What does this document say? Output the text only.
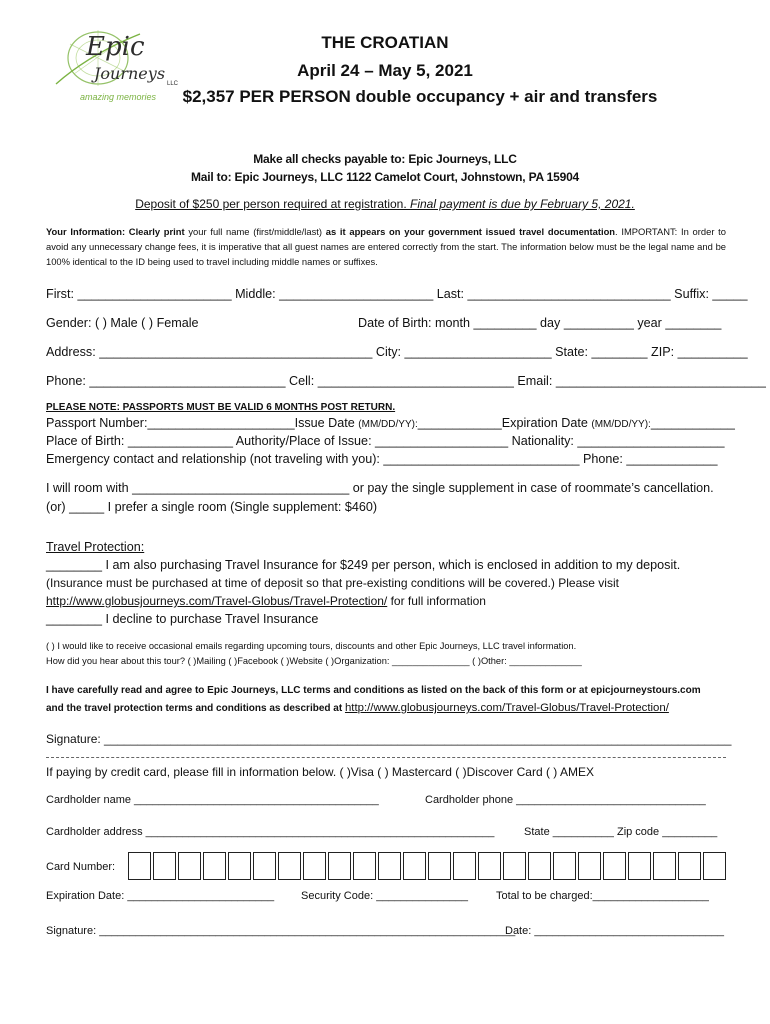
Epic
Journeys
LLC
amazing memories
THE CROATIAN
April 24 – May 5, 2021
$2,357 PER PERSON double occupancy + air and transfers
Make all checks payable to: Epic Journeys, LLC
Mail to: Epic Journeys, LLC 1122 Camelot Court, Johnstown, PA 15904
Deposit of $250 per person required at registration. Final payment is due by February 5, 2021.
Your Information: Clearly print your full name (first/middle/last) as it appears on your government issued travel documentation. IMPORTANT: In order to avoid any unnecessary change fees, it is imperative that all guest names are entered correctly from the start. The information below must be the legal name and be 100% identical to the ID being used to travel including middle names or suffixes.
First: ______________________ Middle: ______________________ Last: _____________________________ Suffix: _____
Gender: ( ) Male ( ) Female	Date of Birth: month _________ day __________ year ________
Address: _______________________________________ City: _____________________ State: ________ ZIP: __________
Phone: ____________________________ Cell: ____________________________ Email: ______________________________
PLEASE NOTE: PASSPORTS MUST BE VALID 6 MONTHS POST RETURN.
Passport Number:_____________________Issue Date (MM/DD/YY):____________Expiration Date (MM/DD/YY):____________
Place of Birth: _______________ Authority/Place of Issue: ___________________ Nationality: _____________________
Emergency contact and relationship (not traveling with you): ____________________________ Phone: _____________
I will room with _______________________________ or pay the single supplement in case of roommate’s cancellation.
(or) _____ I prefer a single room (Single supplement: $460)
Travel Protection:
________ I am also purchasing Travel Insurance for $249 per person, which is enclosed in addition to my deposit.
(Insurance must be purchased at time of deposit so that pre-existing conditions will be covered.) Please visit
http://www.globusjourneys.com/Travel-Globus/Travel-Protection/ for full information
________ I decline to purchase Travel Insurance
( ) I would like to receive occasional emails regarding upcoming tours, discounts and other Epic Journeys, LLC travel information.
How did you hear about this tour? ( )Mailing ( )Facebook ( )Website ( )Organization: _______________ ( )Other: ______________
I have carefully read and agree to Epic Journeys, LLC terms and conditions as listed on the back of this form or at epicjourneystours.com
and the travel protection terms and conditions as described at http://www.globusjourneys.com/Travel-Globus/Travel-Protection/
Signature: ______________________________________________________________________________________________
If paying by credit card, please fill in information below. ( )Visa ( ) Mastercard ( )Discover Card ( ) AMEX
Cardholder name ________________________________________	Cardholder phone _______________________________
Cardholder address _________________________________________________________	State __________ Zip code _________
Card Number:
Expiration Date: ________________________ Security Code: _______________	Total to be charged:___________________
Signature: ____________________________________________________________________
Date: _______________________________
